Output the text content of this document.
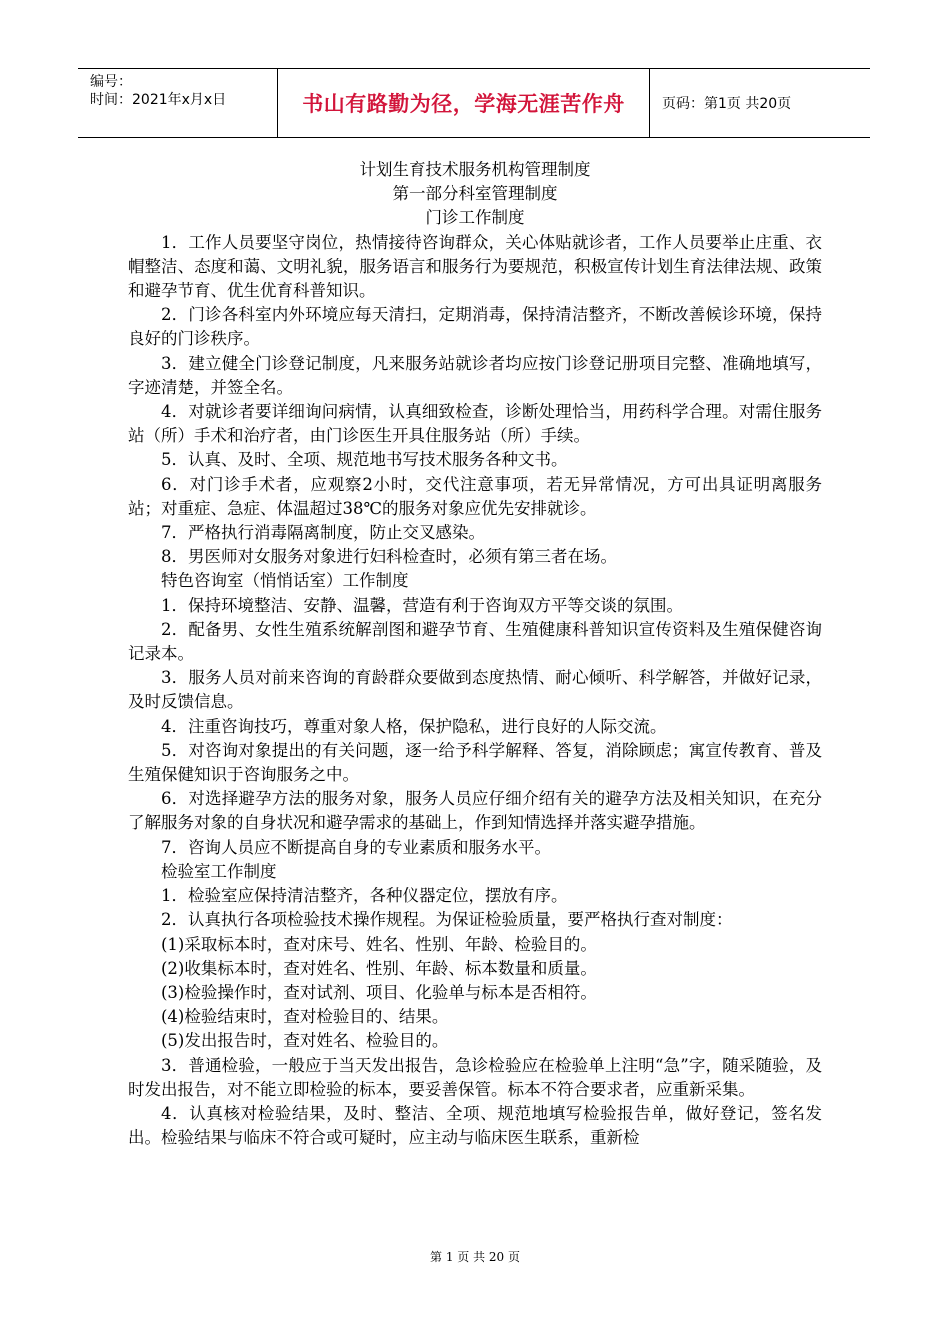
编号：
时间：2021年x月x日	书山有路勤为径，学海无涯苦作舟	页码：第1页 共20页

计划生育技术服务机构管理制度

第一部分科室管理制度

门诊工作制度

1．工作人员要坚守岗位，热情接待咨询群众，关心体贴就诊者，工作人员要举止庄重、衣帽整洁、态度和蔼、文明礼貌，服务语言和服务行为要规范，积极宣传计划生育法律法规、政策和避孕节育、优生优育科普知识。

2．门诊各科室内外环境应每天清扫，定期消毒，保持清洁整齐，不断改善候诊环境，保持良好的门诊秩序。

3．建立健全门诊登记制度，凡来服务站就诊者均应按门诊登记册项目完整、准确地填写，字迹清楚，并签全名。

4．对就诊者要详细询问病情，认真细致检查，诊断处理恰当，用药科学合理。对需住服务站（所）手术和治疗者，由门诊医生开具住服务站（所）手续。

5．认真、及时、全项、规范地书写技术服务各种文书。

6．对门诊手术者，应观察2小时，交代注意事项，若无异常情况，方可出具证明离服务站；对重症、急症、体温超过38℃的服务对象应优先安排就诊。

7．严格执行消毒隔离制度，防止交叉感染。

8．男医师对女服务对象进行妇科检查时，必须有第三者在场。

特色咨询室（悄悄话室）工作制度

1．保持环境整洁、安静、温馨，营造有利于咨询双方平等交谈的氛围。

2．配备男、女性生殖系统解剖图和避孕节育、生殖健康科普知识宣传资料及生殖保健咨询记录本。

3．服务人员对前来咨询的育龄群众要做到态度热情、耐心倾听、科学解答，并做好记录，及时反馈信息。

4．注重咨询技巧，尊重对象人格，保护隐私，进行良好的人际交流。

5．对咨询对象提出的有关问题，逐一给予科学解释、答复，消除顾虑；寓宣传教育、普及生殖保健知识于咨询服务之中。

6．对选择避孕方法的服务对象，服务人员应仔细介绍有关的避孕方法及相关知识，在充分了解服务对象的自身状况和避孕需求的基础上，作到知情选择并落实避孕措施。

7．咨询人员应不断提高自身的专业素质和服务水平。

检验室工作制度

1．检验室应保持清洁整齐，各种仪器定位，摆放有序。

2．认真执行各项检验技术操作规程。为保证检验质量，要严格执行查对制度：

(1)采取标本时，查对床号、姓名、性别、年龄、检验目的。

(2)收集标本时，查对姓名、性别、年龄、标本数量和质量。

(3)检验操作时，查对试剂、项目、化验单与标本是否相符。

(4)检验结束时，查对检验目的、结果。

(5)发出报告时，查对姓名、检验目的。

3．普通检验，一般应于当天发出报告，急诊检验应在检验单上注明“急”字，随采随验，及时发出报告，对不能立即检验的标本，要妥善保管。标本不符合要求者，应重新采集。

4．认真核对检验结果，及时、整洁、全项、规范地填写检验报告单，做好登记，签名发出。检验结果与临床不符合或可疑时，应主动与临床医生联系，重新检

第 1 页 共 20 页
